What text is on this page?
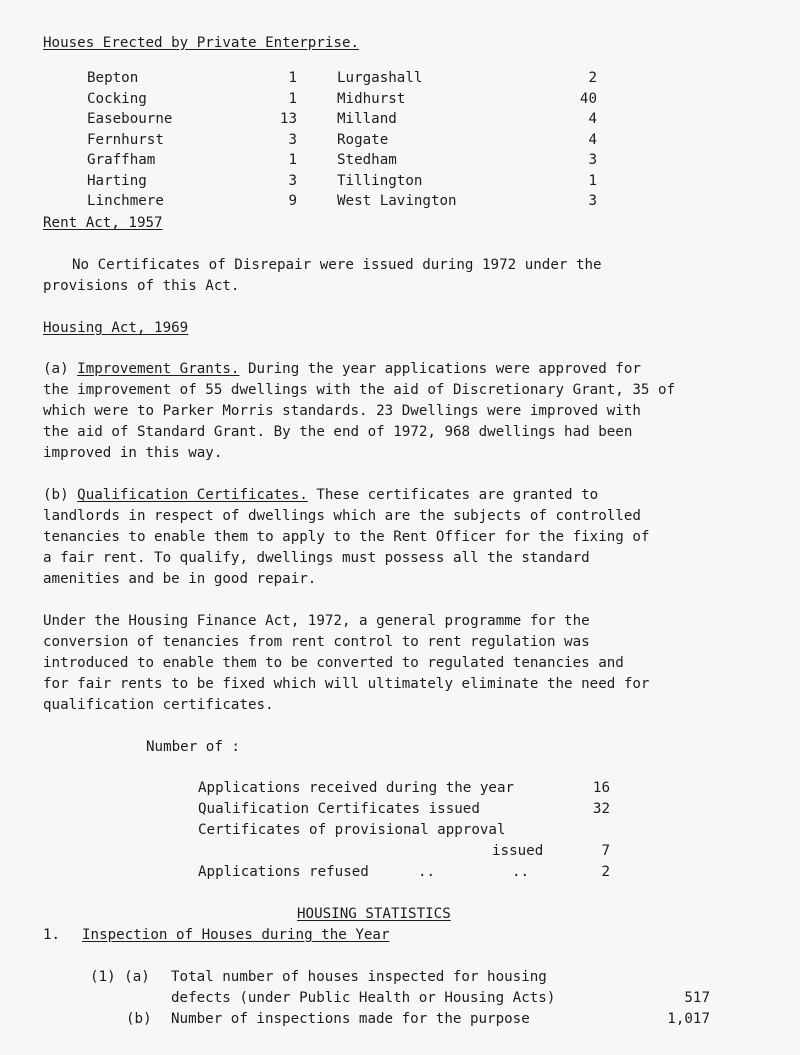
Houses Erected by Private Enterprise.
Bepton	1	Lurgashall	2
Cocking	1	Midhurst	40
Easebourne	13	Milland	4
Fernhurst	3	Rogate	4
Graffham	1	Stedham	3
Harting	3	Tillington	1
Linchmere	9	West Lavington	3
Rent Act, 1957
No Certificates of Disrepair were issued during 1972 under the
provisions of this Act.
Housing Act, 1969
(a) Improvement Grants. During the year applications were approved for
the improvement of 55 dwellings with the aid of Discretionary Grant, 35 of
which were to Parker Morris standards. 23 Dwellings were improved with
the aid of Standard Grant. By the end of 1972, 968 dwellings had been
improved in this way.
(b) Qualification Certificates. These certificates are granted to
landlords in respect of dwellings which are the subjects of controlled
tenancies to enable them to apply to the Rent Officer for the fixing of
a fair rent. To qualify, dwellings must possess all the standard
amenities and be in good repair.
Under the Housing Finance Act, 1972, a general programme for the
conversion of tenancies from rent control to rent regulation was
introduced to enable them to be converted to regulated tenancies and
for fair rents to be fixed which will ultimately eliminate the need for
qualification certificates.
Number of :
Applications received during the year	16
Qualification Certificates issued	32
Certificates of provisional approval
issued	7
Applications refused	..	..	2
HOUSING STATISTICS
1. Inspection of Houses during the Year
(1) (a) Total number of houses inspected for housing
defects (under Public Health or Housing Acts)	517
(b) Number of inspections made for the purpose	1,017
